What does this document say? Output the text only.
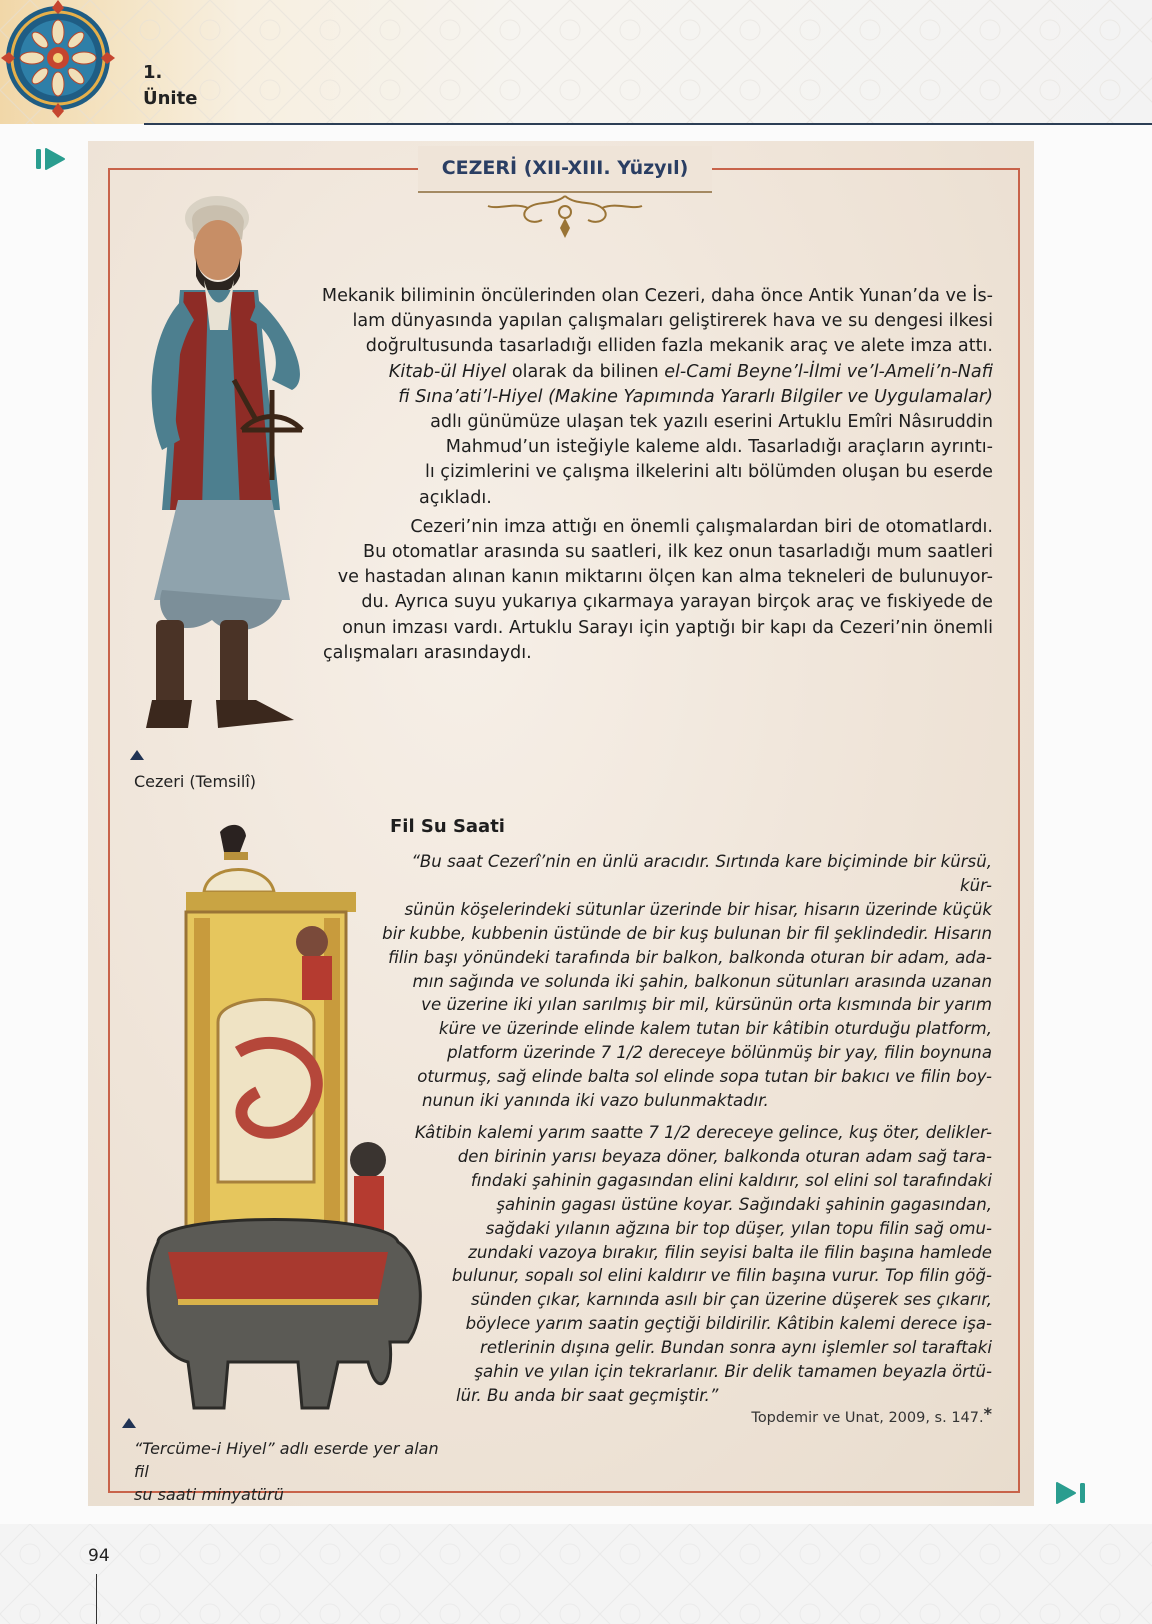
1.
Ünite
CEZERİ (XII-XIII. Yüzyıl)
Cezeri (Temsilî)

Mekanik biliminin öncülerinden olan Cezeri, daha önce Antik Yunan’da ve İs-
lam dünyasında yapılan çalışmaları geliştirerek hava ve su dengesi ilkesi
doğrultusunda tasarladığı elliden fazla mekanik araç ve alete imza attı.
Kitab-ül Hiyel olarak da bilinen el-Cami Beyne’l-İlmi ve’l-Ameli’n-Nafi
fi Sına’ati’l-Hiyel (Makine Yapımında Yararlı Bilgiler ve Uygulamalar)
adlı günümüze ulaşan tek yazılı eserini Artuklu Emîri Nâsıruddin
Mahmud’un isteğiyle kaleme aldı. Tasarladığı araçların ayrıntı-
lı çizimlerini ve çalışma ilkelerini altı bölümden oluşan bu eserde
açıkladı.

Cezeri’nin imza attığı en önemli çalışmalardan biri de otomatlardı.
Bu otomatlar arasında su saatleri, ilk kez onun tasarladığı mum saatleri
ve hastadan alınan kanın miktarını ölçen kan alma tekneleri de bulunuyor-
du. Ayrıca suyu yukarıya çıkarmaya yarayan birçok araç ve fıskiyede de
onun imzası vardı. Artuklu Sarayı için yaptığı bir kapı da Cezeri’nin önemli
çalışmaları arasındaydı.

Fil Su Saati

“Bu saat Cezerî’nin en ünlü aracıdır. Sırtında kare biçiminde bir kürsü, kür-
sünün köşelerindeki sütunlar üzerinde bir hisar, hisarın üzerinde küçük
bir kubbe, kubbenin üstünde de bir kuş bulunan bir fil şeklindedir. Hisarın
filin başı yönündeki tarafında bir balkon, balkonda oturan bir adam, ada-
mın sağında ve solunda iki şahin, balkonun sütunları arasında uzanan
ve üzerine iki yılan sarılmış bir mil, kürsünün orta kısmında bir yarım
küre ve üzerinde elinde kalem tutan bir kâtibin oturduğu platform,
platform üzerinde 7 1/2 dereceye bölünmüş bir yay, filin boynuna
oturmuş, sağ elinde balta sol elinde sopa tutan bir bakıcı ve filin boy-
nunun iki yanında iki vazo bulunmaktadır.

Kâtibin kalemi yarım saatte 7 1/2 dereceye gelince, kuş öter, delikler-
den birinin yarısı beyaza döner, balkonda oturan adam sağ tara-
fındaki şahinin gagasından elini kaldırır, sol elini sol tarafındaki
şahinin gagası üstüne koyar. Sağındaki şahinin gagasından,
sağdaki yılanın ağzına bir top düşer, yılan topu filin sağ omu-
zundaki vazoya bırakır, filin seyisi balta ile filin başına hamlede
bulunur, sopalı sol elini kaldırır ve filin başına vurur. Top filin göğ-
sünden çıkar, karnında asılı bir çan üzerine düşerek ses çıkarır,
böylece yarım saatin geçtiği bildirilir. Kâtibin kalemi derece işa-
retlerinin dışına gelir. Bundan sonra aynı işlemler sol taraftaki
şahin ve yılan için tekrarlanır. Bir delik tamamen beyazla örtü-
lür. Bu anda bir saat geçmiştir.”

Topdemir ve Unat, 2009, s. 147.*
“Tercüme-i Hiyel” adlı eserde yer alan fil
su saati minyatürü
94
